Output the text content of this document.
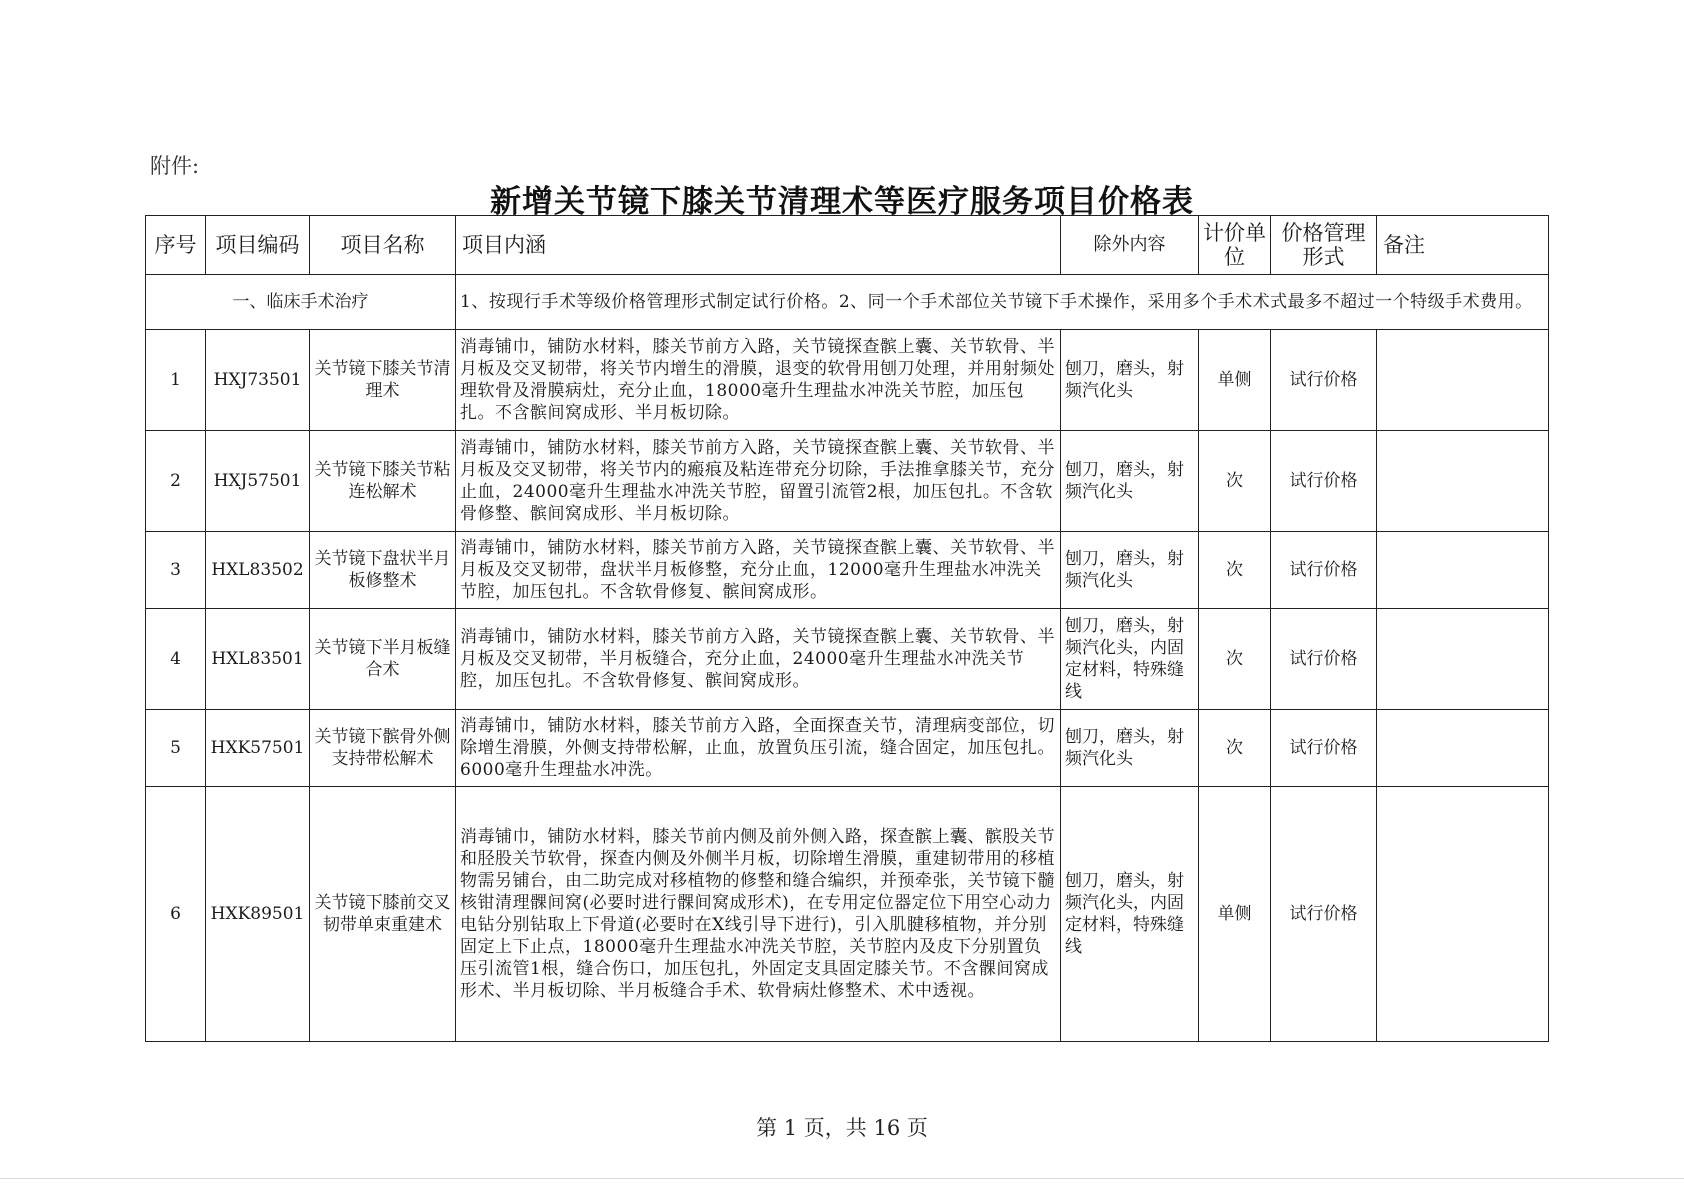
附件:
新增关节镜下膝关节清理术等医疗服务项目价格表
序号	项目编码	项目名称	项目内涵	除外内容	计价单位	价格管理形式	备注
一、临床手术治疗			1、按现行手术等级价格管理形式制定试行价格。2、同一个手术部位关节镜下手术操作，采用多个手术术式最多不超过一个特级手术费用。				
1	HXJ73501	关节镜下膝关节清理术	消毒铺巾，铺防水材料，膝关节前方入路，关节镜探查髌上囊、关节软骨、半月板及交叉韧带，将关节内增生的滑膜，退变的软骨用刨刀处理，并用射频处理软骨及滑膜病灶，充分止血，18000毫升生理盐水冲洗关节腔，加压包扎。不含髌间窝成形、半月板切除。	刨刀，磨头，射频汽化头	单侧	试行价格	
2	HXJ57501	关节镜下膝关节粘连松解术	消毒铺巾，铺防水材料，膝关节前方入路，关节镜探查髌上囊、关节软骨、半月板及交叉韧带，将关节内的瘢痕及粘连带充分切除，手法推拿膝关节，充分止血，24000毫升生理盐水冲洗关节腔，留置引流管2根，加压包扎。不含软骨修整、髌间窝成形、半月板切除。	刨刀，磨头，射频汽化头	次	试行价格	
3	HXL83502	关节镜下盘状半月板修整术	消毒铺巾，铺防水材料，膝关节前方入路，关节镜探查髌上囊、关节软骨、半月板及交叉韧带，盘状半月板修整，充分止血，12000毫升生理盐水冲洗关节腔，加压包扎。不含软骨修复、髌间窝成形。	刨刀，磨头，射频汽化头	次	试行价格	
4	HXL83501	关节镜下半月板缝合术	消毒铺巾，铺防水材料，膝关节前方入路，关节镜探查髌上囊、关节软骨、半月板及交叉韧带，半月板缝合，充分止血，24000毫升生理盐水冲洗关节腔，加压包扎。不含软骨修复、髌间窝成形。	刨刀，磨头，射频汽化头，内固定材料，特殊缝线	次	试行价格	
5	HXK57501	关节镜下髌骨外侧支持带松解术	消毒铺巾，铺防水材料，膝关节前方入路，全面探查关节，清理病变部位，切除增生滑膜，外侧支持带松解，止血，放置负压引流，缝合固定，加压包扎。6000毫升生理盐水冲洗。	刨刀，磨头，射频汽化头	次	试行价格	
6	HXK89501	关节镜下膝前交叉韧带单束重建术	消毒铺巾，铺防水材料，膝关节前内侧及前外侧入路，探查髌上囊、髌股关节和胫股关节软骨，探查内侧及外侧半月板，切除增生滑膜，重建韧带用的移植物需另铺台，由二助完成对移植物的修整和缝合编织，并预牵张，关节镜下髓核钳清理髁间窝(必要时进行髁间窝成形术)，在专用定位器定位下用空心动力电钻分别钻取上下骨道(必要时在X线引导下进行)，引入肌腱移植物，并分别固定上下止点，18000毫升生理盐水冲洗关节腔，关节腔内及皮下分别置负压引流管1根，缝合伤口，加压包扎，外固定支具固定膝关节。不含髁间窝成形术、半月板切除、半月板缝合手术、软骨病灶修整术、术中透视。	刨刀，磨头，射频汽化头，内固定材料，特殊缝线	单侧	试行价格	
第 1 页，共 16 页
